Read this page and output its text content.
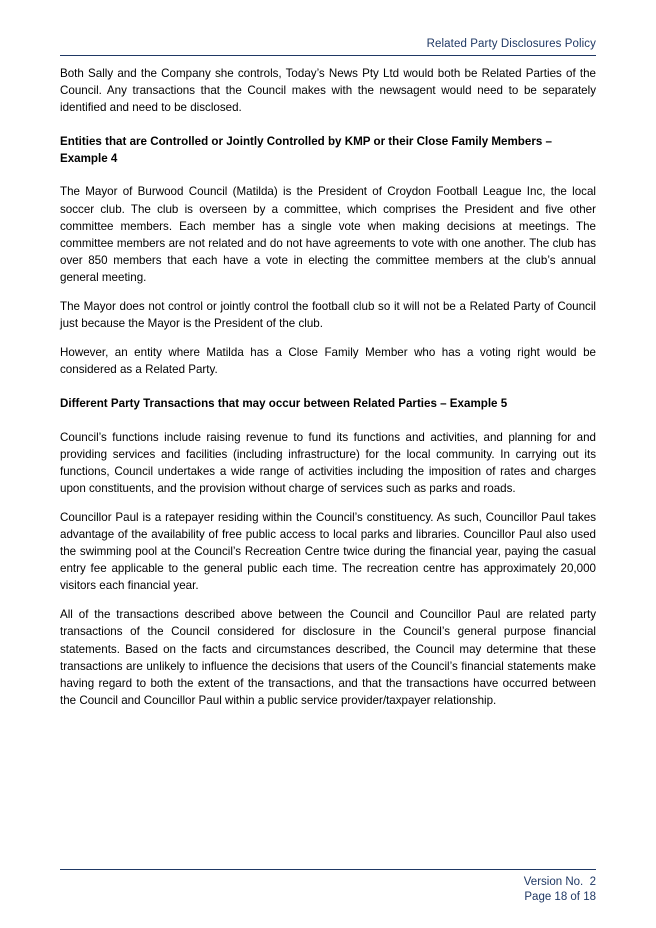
Related Party Disclosures Policy

Both Sally and the Company she controls, Today’s News Pty Ltd would both be Related Parties of the Council. Any transactions that the Council makes with the newsagent would need to be separately identified and need to be disclosed.

Entities that are Controlled or Jointly Controlled by KMP or their Close Family Members – Example 4

The Mayor of Burwood Council (Matilda) is the President of Croydon Football League Inc, the local soccer club. The club is overseen by a committee, which comprises the President and five other committee members. Each member has a single vote when making decisions at meetings. The committee members are not related and do not have agreements to vote with one another. The club has over 850 members that each have a vote in electing the committee members at the club’s annual general meeting.

The Mayor does not control or jointly control the football club so it will not be a Related Party of Council just because the Mayor is the President of the club.

However, an entity where Matilda has a Close Family Member who has a voting right would be considered as a Related Party.

Different Party Transactions that may occur between Related Parties – Example 5

Council’s functions include raising revenue to fund its functions and activities, and planning for and providing services and facilities (including infrastructure) for the local community. In carrying out its functions, Council undertakes a wide range of activities including the imposition of rates and charges upon constituents, and the provision without charge of services such as parks and roads.

Councillor Paul is a ratepayer residing within the Council’s constituency. As such, Councillor Paul takes advantage of the availability of free public access to local parks and libraries. Councillor Paul also used the swimming pool at the Council’s Recreation Centre twice during the financial year, paying the casual entry fee applicable to the general public each time. The recreation centre has approximately 20,000 visitors each financial year.

All of the transactions described above between the Council and Councillor Paul are related party transactions of the Council considered for disclosure in the Council’s general purpose financial statements. Based on the facts and circumstances described, the Council may determine that these transactions are unlikely to influence the decisions that users of the Council’s financial statements make having regard to both the extent of the transactions, and that the transactions have occurred between the Council and Councillor Paul within a public service provider/taxpayer relationship.

Version No.  2
Page 18 of 18
